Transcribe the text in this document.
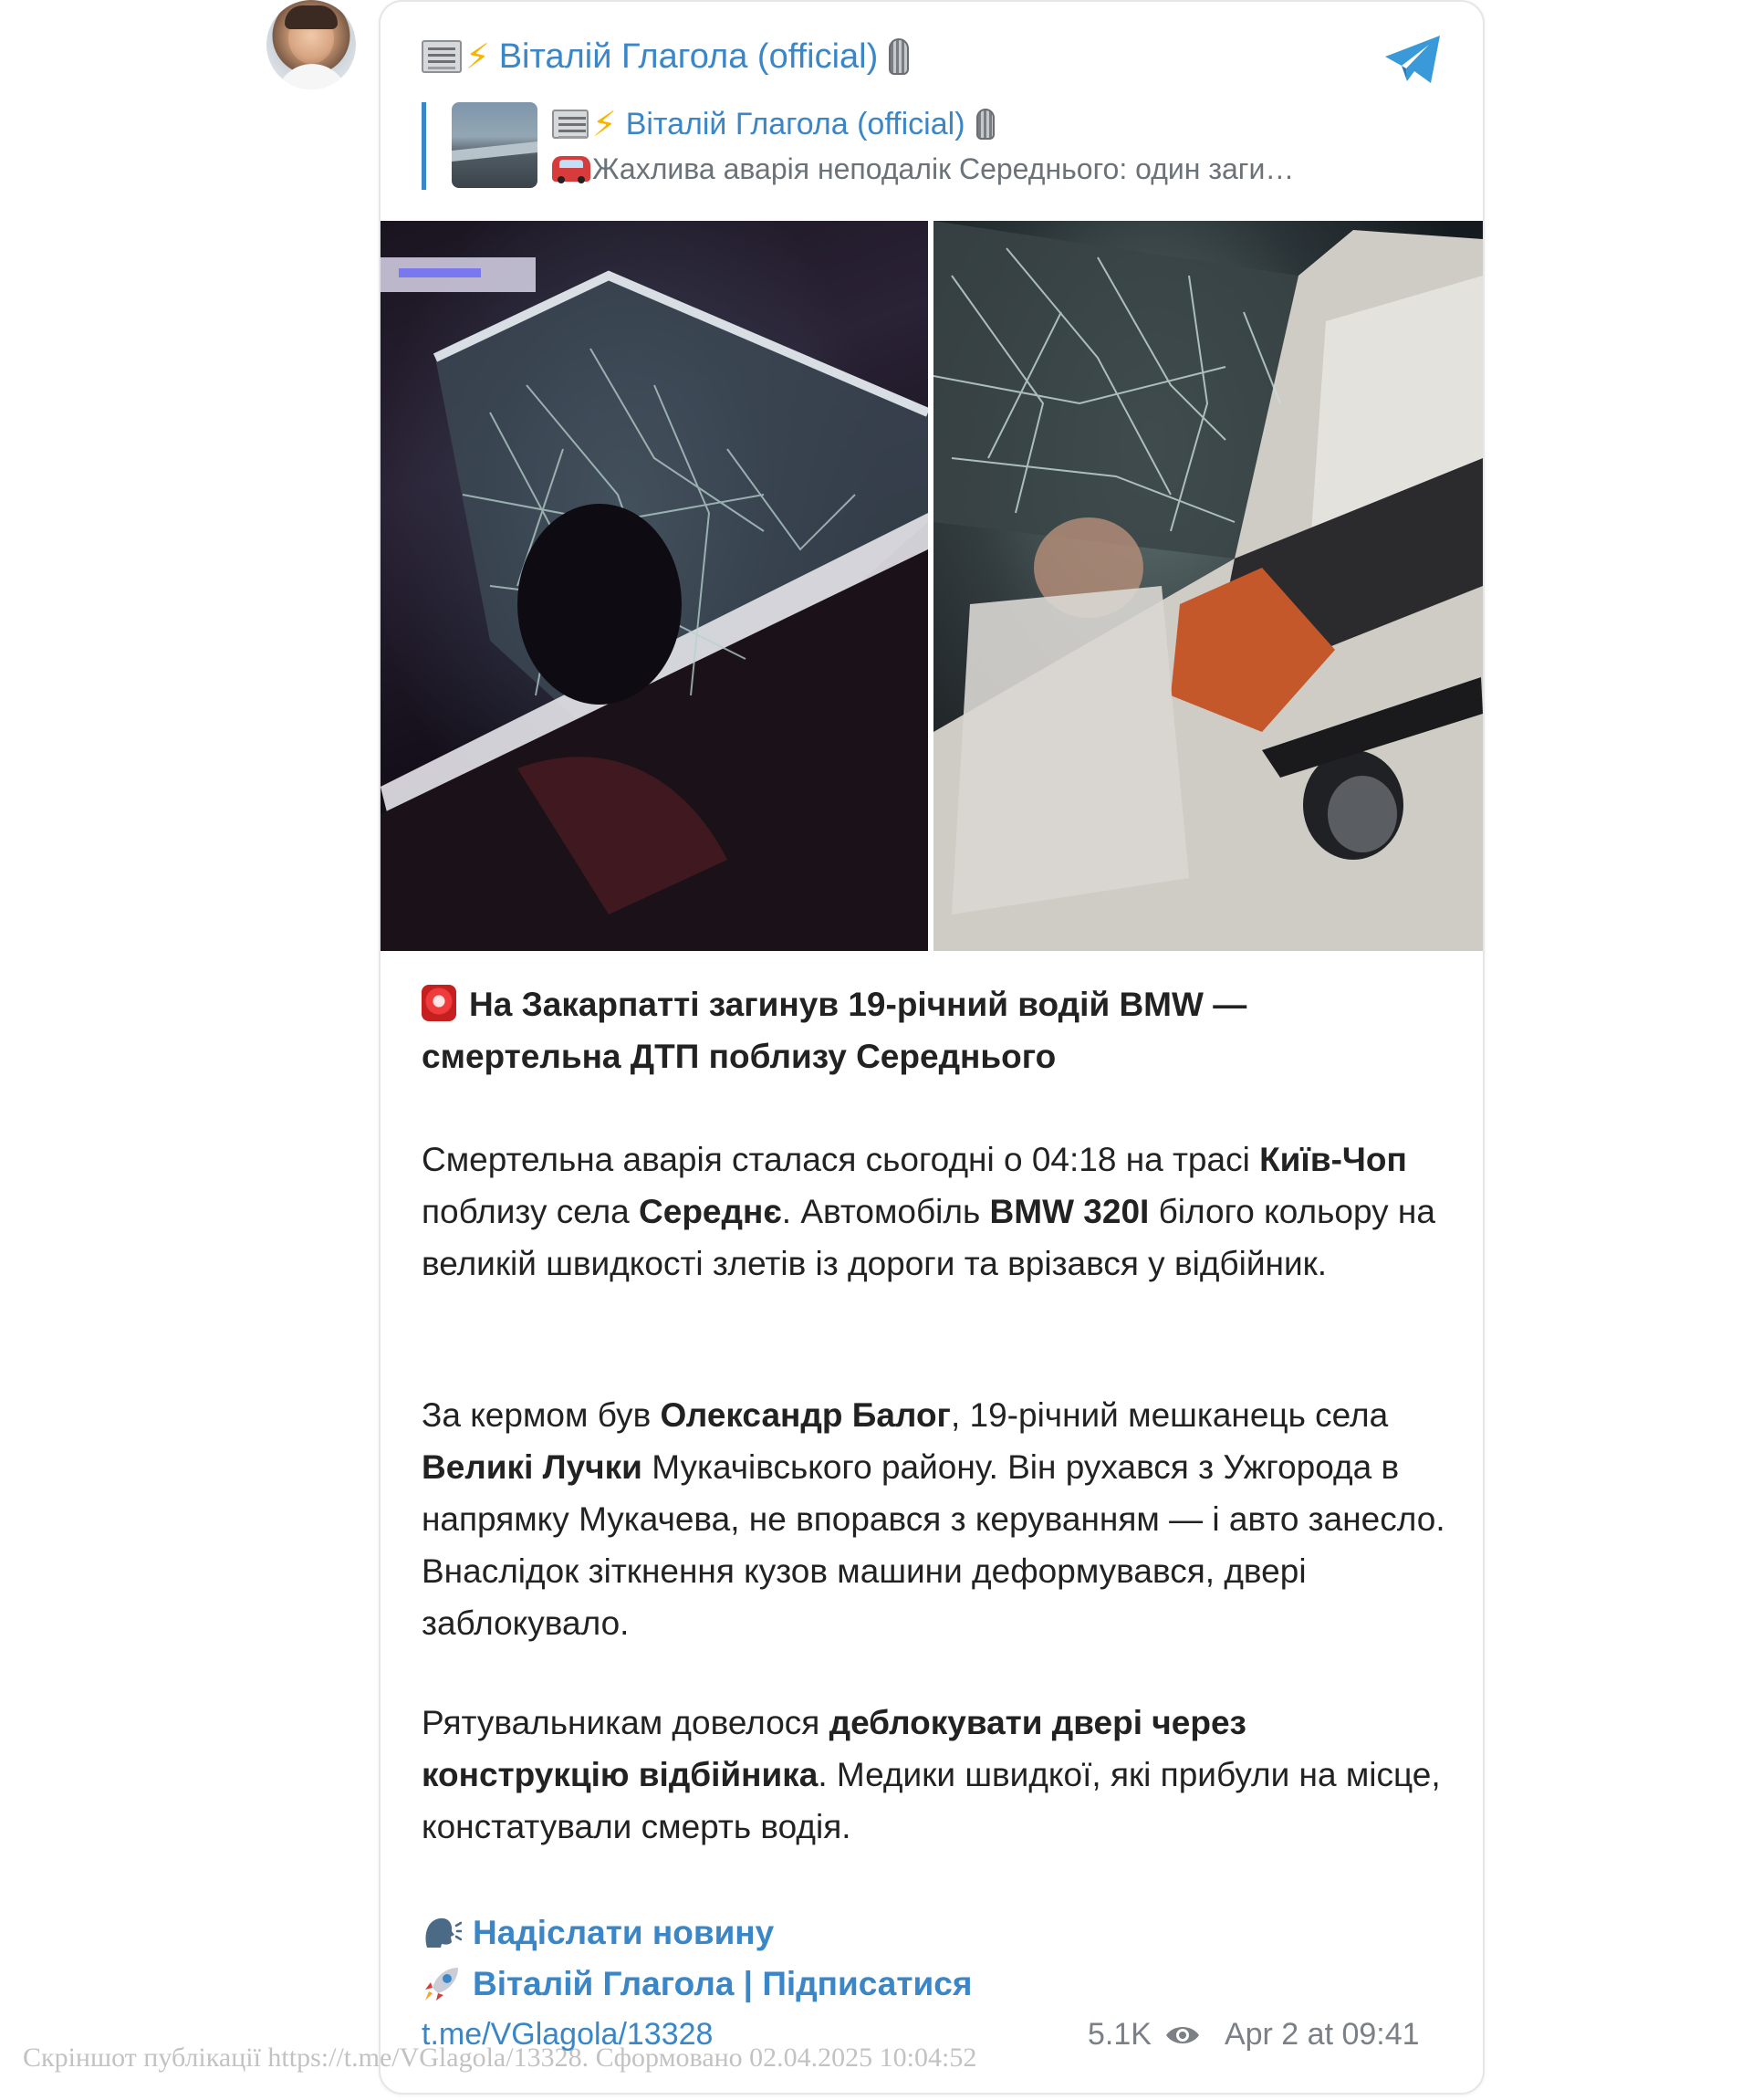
⚡ Віталій Глагола (official)
⚡ Віталій Глагола (official)
Жахлива аварія неподалік Середнього: один заги…
На Закарпатті загинув 19-річний водій BMW — смертельна ДТП поблизу Середнього
Смертельна аварія сталася сьогодні о 04:18 на трасі Київ-Чоп поблизу села Середнє. Автомобіль BMW 320I білого кольору на великій швидкості злетів із дороги та врізався у відбійник.
За кермом був Олександр Балог, 19-річний мешканець села Великі Лучки Мукачівського району. Він рухався з Ужгорода в напрямку Мукачева, не впорався з керуванням — і авто занесло. Внаслідок зіткнення кузов машини деформувався, двері заблокувало.
Рятувальникам довелося деблокувати двері через конструкцію відбійника. Медики швидкої, які прибули на місце, констатували смерть водія.
Надіслати новину
Віталій Глагола | Підписатися
t.me/VGlagola/13328	5.1K Apr 2 at 09:41
Скріншот публікації https://t.me/VGlagola/13328. Сформовано 02.04.2025 10:04:52
